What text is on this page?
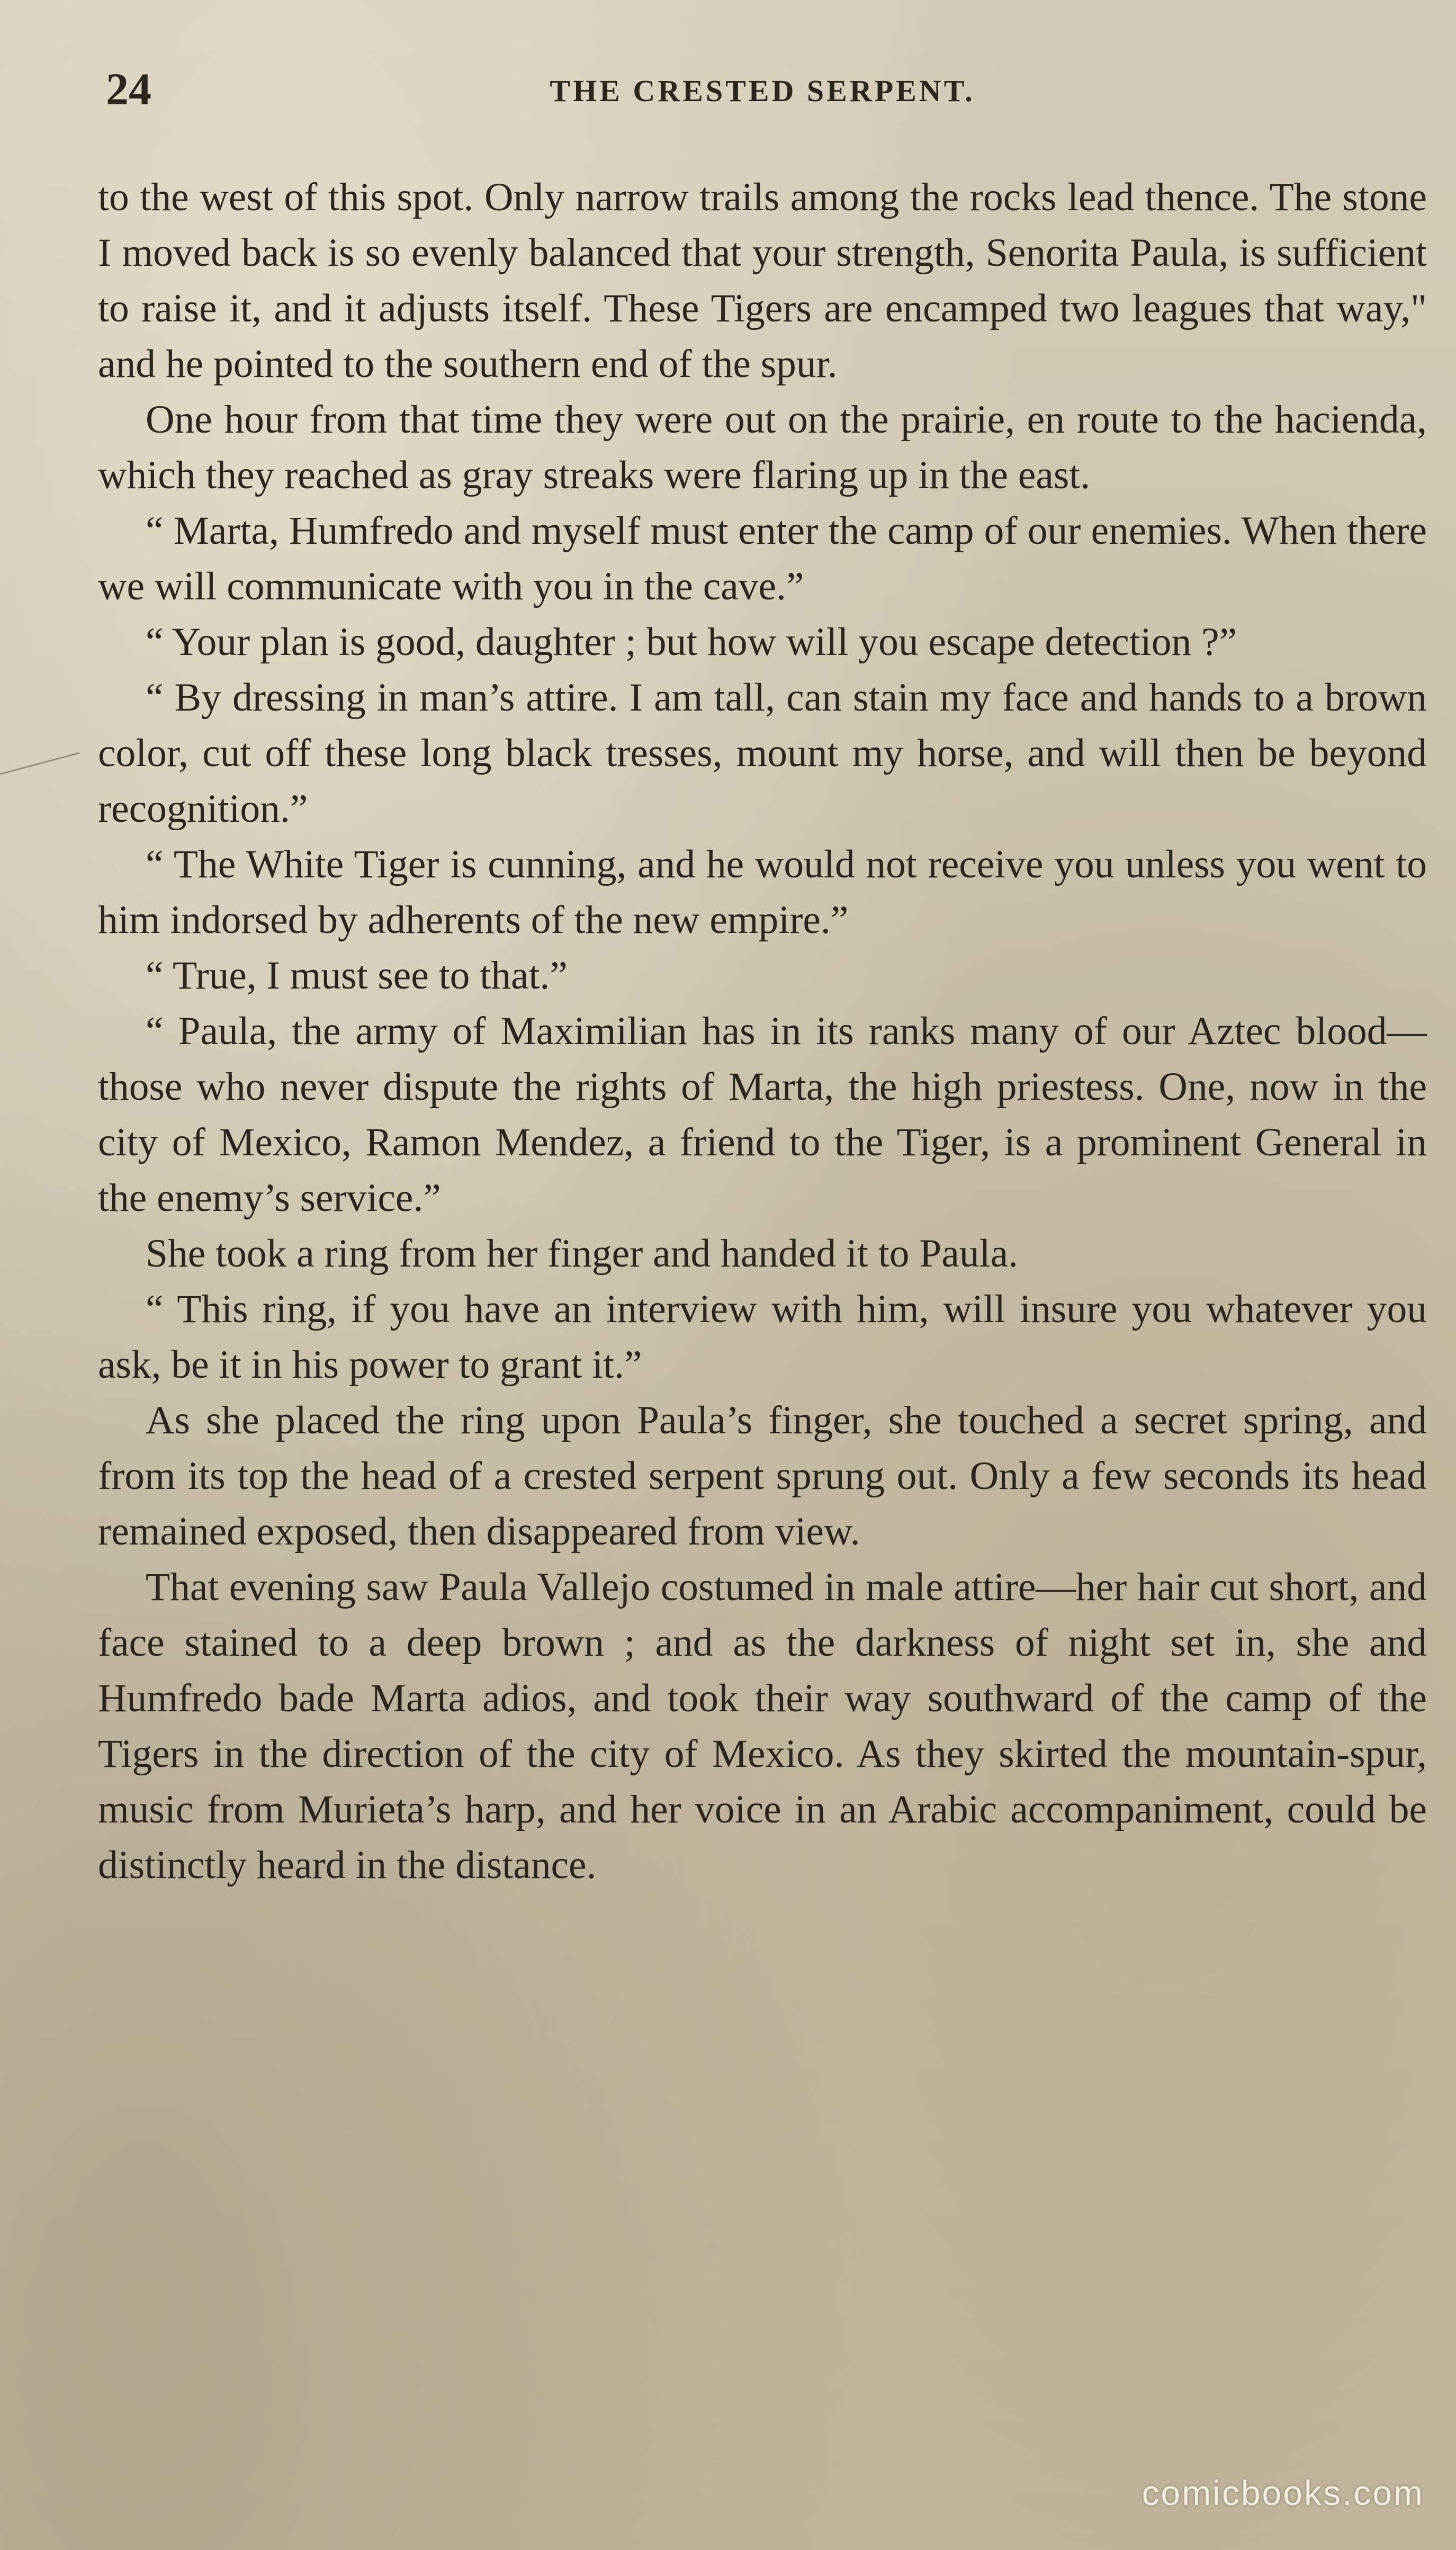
24	THE CRESTED SERPENT.

to the west of this spot. Only narrow trails among the rocks lead thence. The stone I moved back is so evenly balanced that your strength, Senorita Paula, is sufficient to raise it, and it adjusts itself. These Tigers are encamped two leagues that way," and he pointed to the southern end of the spur.

One hour from that time they were out on the prairie, en route to the hacienda, which they reached as gray streaks were flaring up in the east.

“ Marta, Humfredo and myself must enter the camp of our enemies. When there we will communicate with you in the cave.”

“ Your plan is good, daughter ; but how will you escape detection ?”

“ By dressing in man’s attire. I am tall, can stain my face and hands to a brown color, cut off these long black tresses, mount my horse, and will then be beyond recognition.”

“ The White Tiger is cunning, and he would not receive you unless you went to him indorsed by adherents of the new empire.”

“ True, I must see to that.”

“ Paula, the army of Maximilian has in its ranks many of our Aztec blood—those who never dispute the rights of Marta, the high priestess. One, now in the city of Mexico, Ramon Mendez, a friend to the Tiger, is a prominent General in the enemy’s service.”

She took a ring from her finger and handed it to Paula.

“ This ring, if you have an interview with him, will insure you whatever you ask, be it in his power to grant it.”

As she placed the ring upon Paula’s finger, she touched a secret spring, and from its top the head of a crested serpent sprung out. Only a few seconds its head remained exposed, then disappeared from view.

That evening saw Paula Vallejo costumed in male attire—her hair cut short, and face stained to a deep brown ; and as the darkness of night set in, she and Humfredo bade Marta adios, and took their way southward of the camp of the Tigers in the direction of the city of Mexico. As they skirted the mountain-spur, music from Murieta’s harp, and her voice in an Arabic accompaniment, could be distinctly heard in the distance.

comicbooks.com
